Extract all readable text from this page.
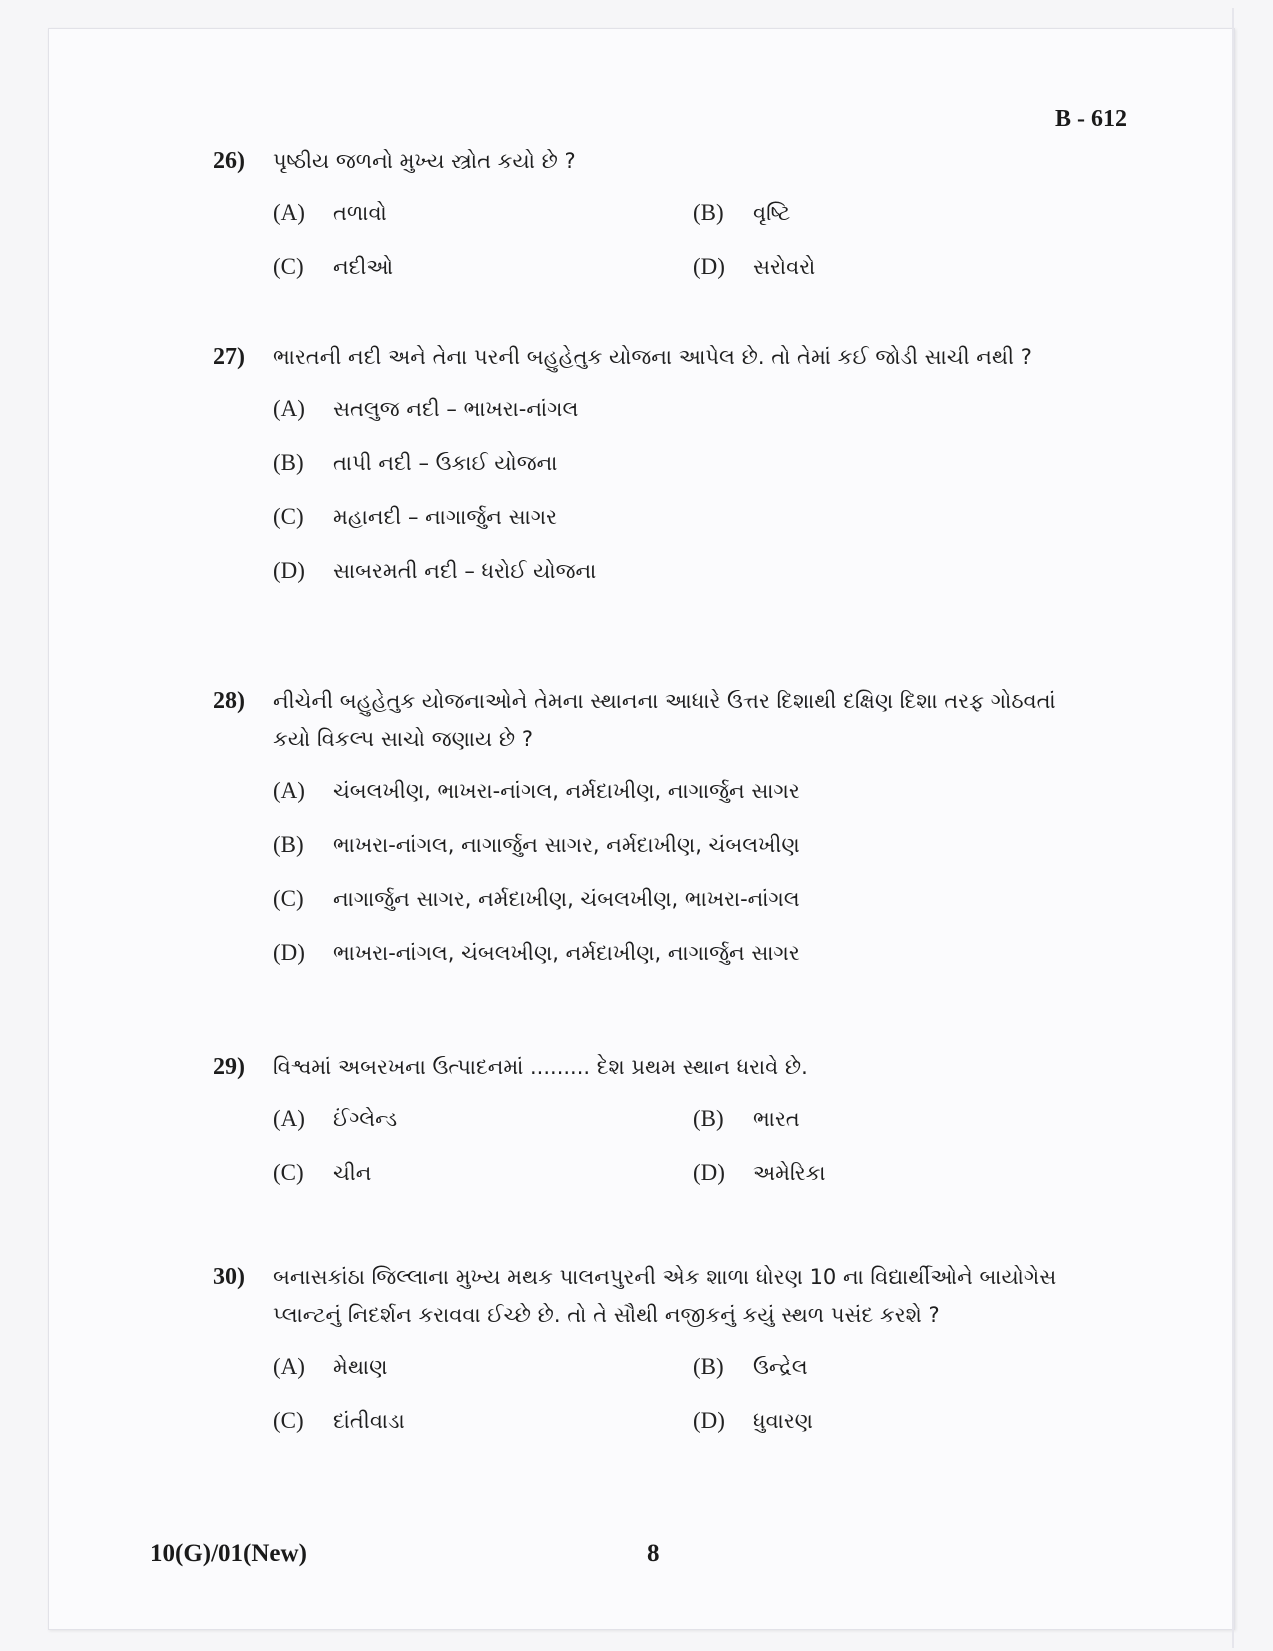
B - 612
26)	પૃષ્ઠીય જળનો મુખ્ય સ્ત્રોત કયો છે ?
(A)	તળાવો	(B)	વૃષ્ટિ
(C)	નદીઓ	(D)	સરોવરો
27)	ભારતની નદી અને તેના પરની બહુહેતુક યોજના આપેલ છે. તો તેમાં કઈ જોડી સાચી નથી ?
(A)	સતલુજ નદી – ભાખરા-નાંગલ
(B)	તાપી નદી – ઉકાઈ યોજના
(C)	મહાનદી – નાગાર્જુન સાગર
(D)	સાબરમતી નદી – ધરોઈ યોજના
28)	નીચેની બહુહેતુક યોજનાઓને તેમના સ્થાનના આધારે ઉત્તર દિશાથી દક્ષિણ દિશા તરફ ગોઠવતાં
કયો વિકલ્પ સાચો જણાય છે ?
(A)	ચંબલખીણ, ભાખરા-નાંગલ, નર્મદાખીણ, નાગાર્જુન સાગર
(B)	ભાખરા-નાંગલ, નાગાર્જુન સાગર, નર્મદાખીણ, ચંબલખીણ
(C)	નાગાર્જુન સાગર, નર્મદાખીણ, ચંબલખીણ, ભાખરા-નાંગલ
(D)	ભાખરા-નાંગલ, ચંબલખીણ, નર્મદાખીણ, નાગાર્જુન સાગર
29)	વિશ્વમાં અબરખના ઉત્પાદનમાં ......... દેશ પ્રથમ સ્થાન ધરાવે છે.
(A)	ઈંગ્લેન્ડ	(B)	ભારત
(C)	ચીન	(D)	અમેરિકા
30)	બનાસકાંઠા જિલ્લાના મુખ્ય મથક પાલનપુરની એક શાળા ધોરણ 10 ના વિદ્યાર્થીઓને બાયોગેસ
પ્લાન્ટનું નિદર્શન કરાવવા ઈચ્છે છે. તો તે સૌથી નજીકનું કયું સ્થળ પસંદ કરશે ?
(A)	મેથાણ	(B)	ઉન્દ્રેલ
(C)	દાંતીવાડા	(D)	ધુવારણ
10(G)/01(New)	8
